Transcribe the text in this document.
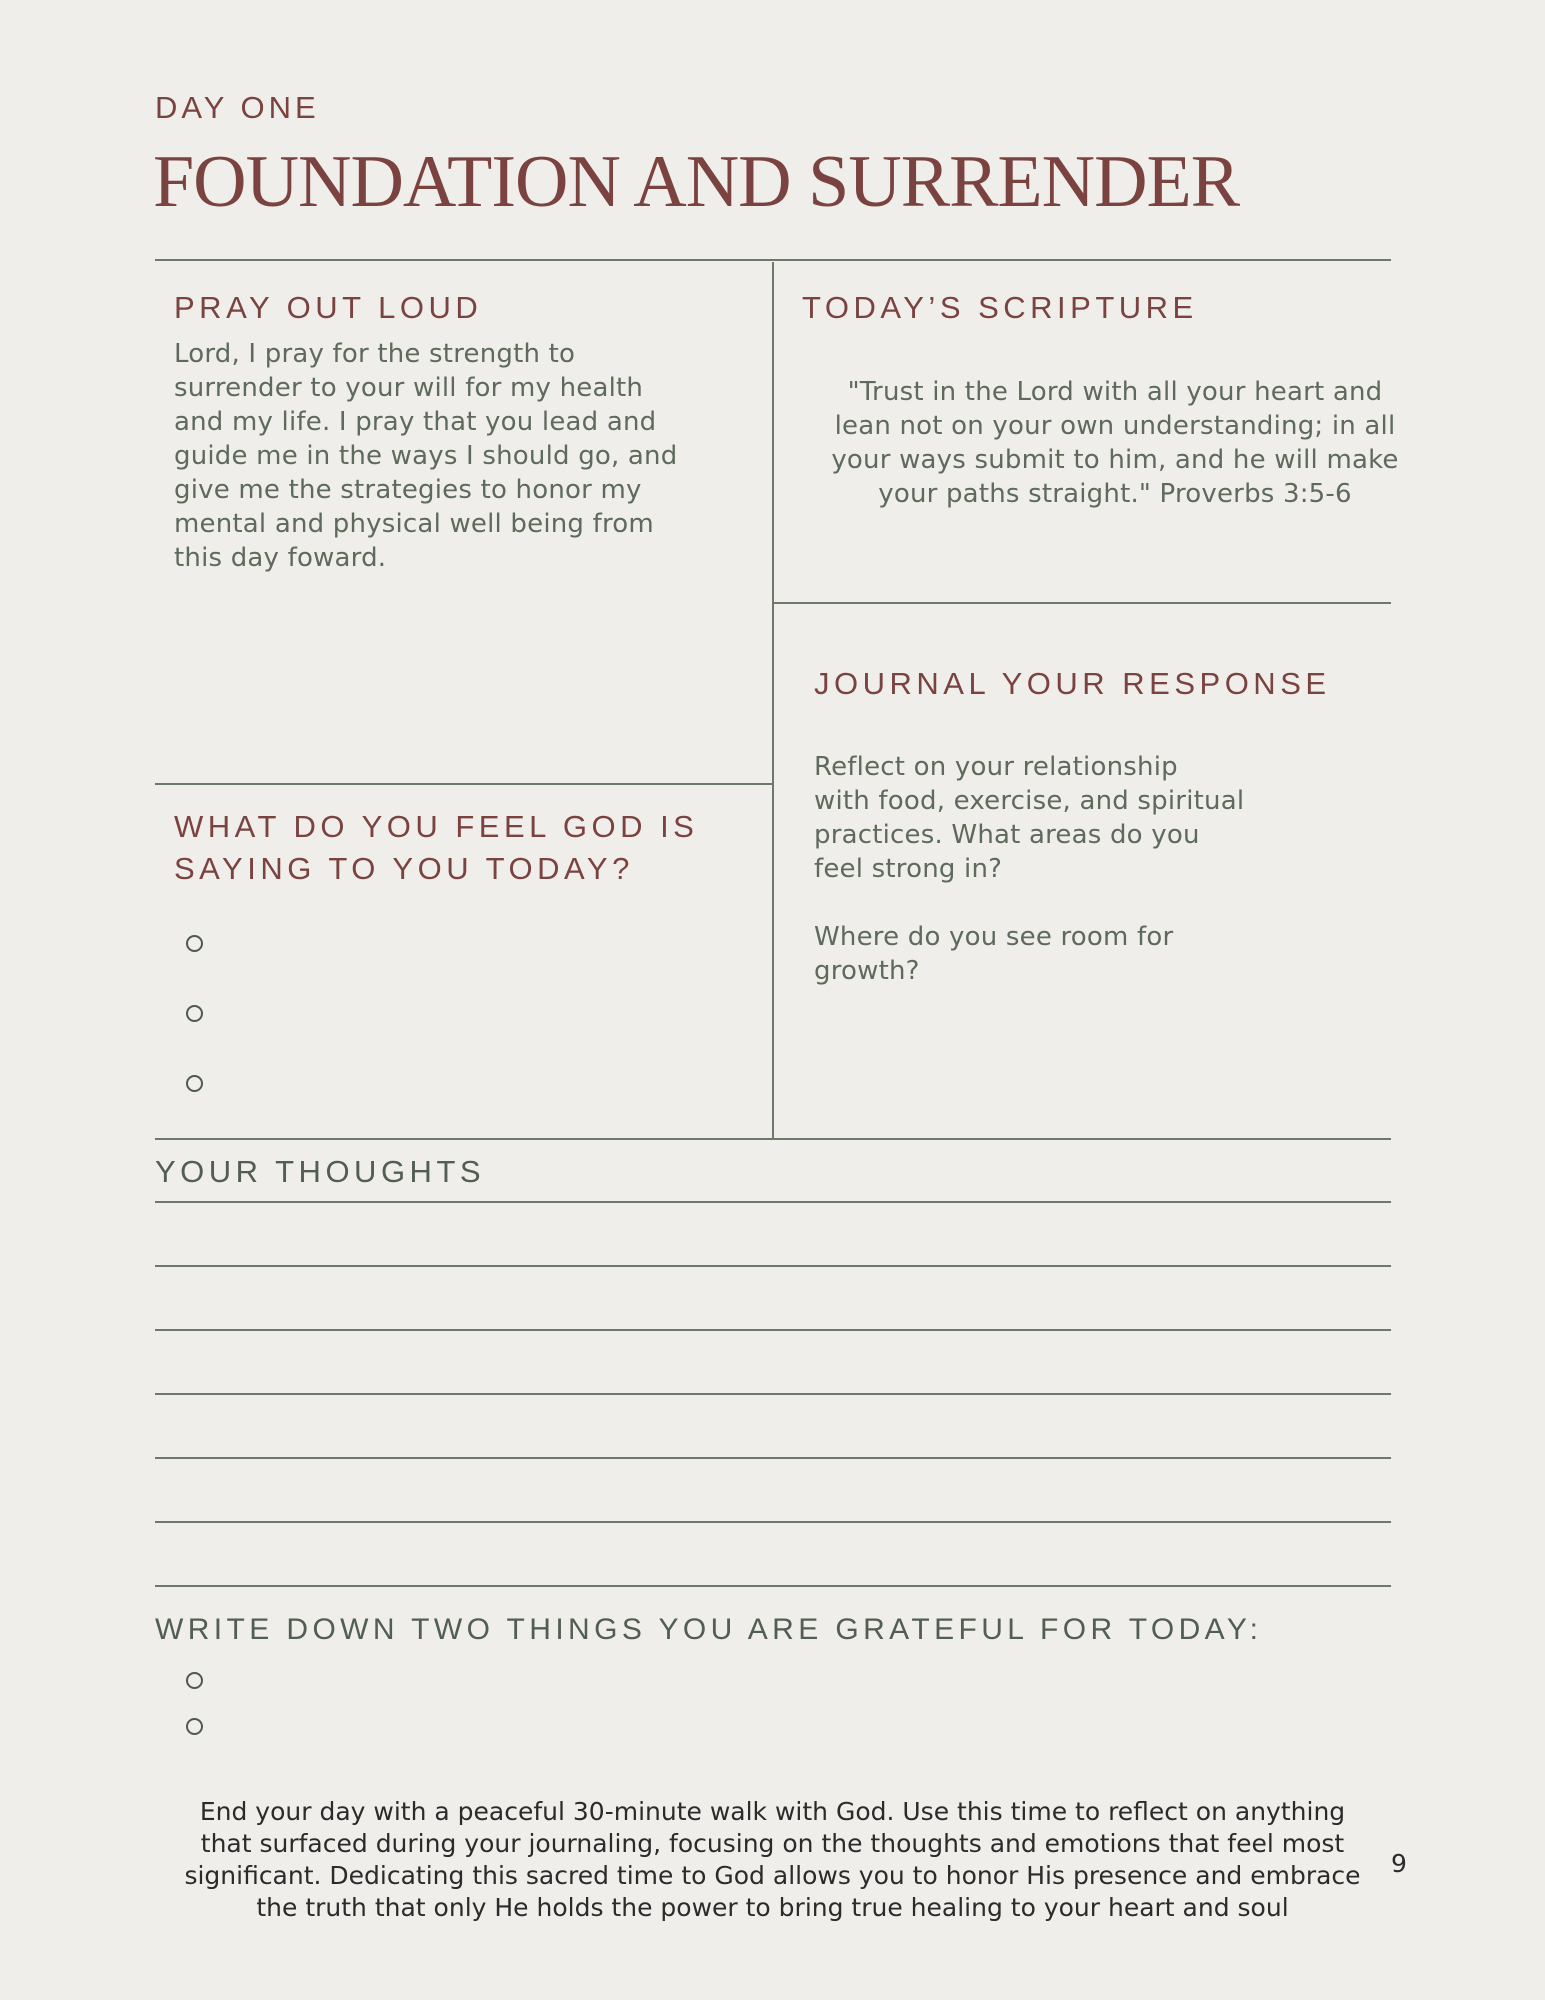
DAY ONE
FOUNDATION AND SURRENDER
PRAY OUT LOUD
Lord, I pray for the strength to
surrender to your will for my health
and my life. I pray that you lead and
guide me in the ways I should go, and
give me the strategies to honor my
mental and physical well being from
this day foward.
TODAY’S SCRIPTURE
"Trust in the Lord with all your heart and
lean not on your own understanding; in all
your ways submit to him, and he will make
your paths straight." Proverbs 3:5-6
JOURNAL YOUR RESPONSE
Reflect on your relationship
with food, exercise, and spiritual
practices. What areas do you
feel strong in?
Where do you see room for
growth?
WHAT DO YOU FEEL GOD IS
SAYING TO YOU TODAY?
YOUR THOUGHTS
WRITE DOWN TWO THINGS YOU ARE GRATEFUL FOR TODAY:
End your day with a peaceful 30-minute walk with God. Use this time to reflect on anything
that surfaced during your journaling, focusing on the thoughts and emotions that feel most
significant. Dedicating this sacred time to God allows you to honor His presence and embrace
the truth that only He holds the power to bring true healing to your heart and soul
9
